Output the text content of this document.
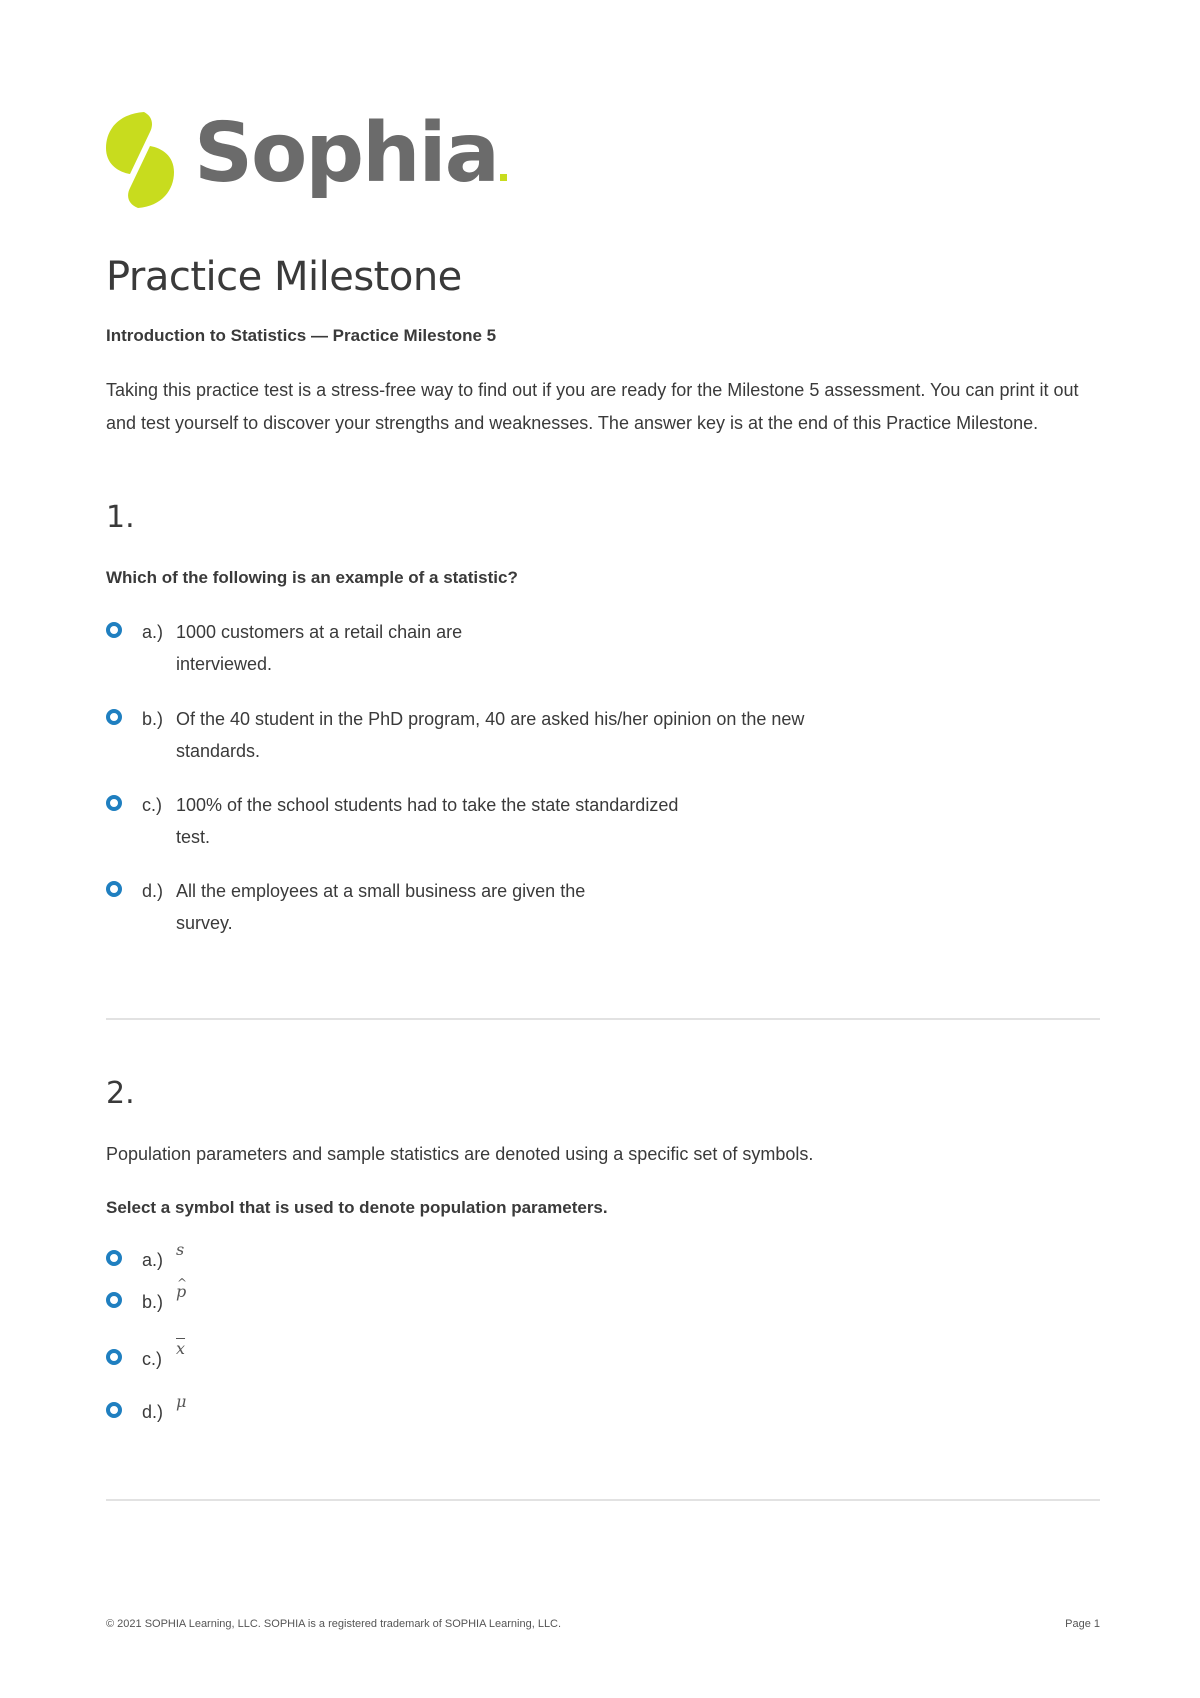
Sophia
Practice Milestone

Introduction to Statistics — Practice Milestone 5

Taking this practice test is a stress-free way to find out if you are ready for the Milestone 5 assessment. You can print it out and test yourself to discover your strengths and weaknesses. The answer key is at the end of this Practice Milestone.

1.

Which of the following is an example of a statistic?

a.) 1000 customers at a retail chain are
interviewed.
b.) Of the 40 student in the PhD program, 40 are asked his/her opinion on the new
standards.
c.) 100% of the school students had to take the state standardized
test.
d.) All the employees at a small business are given the
survey.
2.

Population parameters and sample statistics are denoted using a specific set of symbols.

Select a symbol that is used to denote population parameters.

a.)
s
b.)
^ p
c.)
$\overline{x}$
d.)
μ
© 2021 SOPHIA Learning, LLC. SOPHIA is a registered trademark of SOPHIA Learning, LLC.	Page 1
